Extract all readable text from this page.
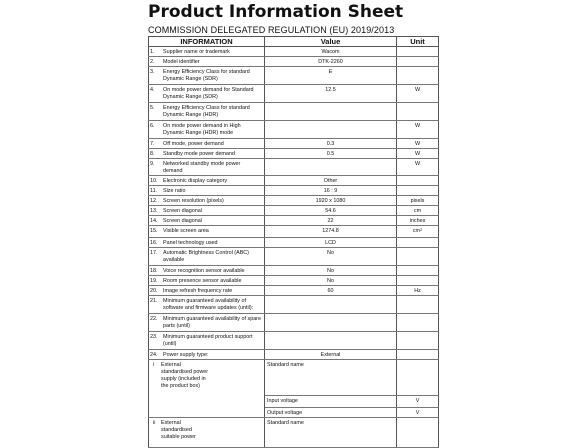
Product Information Sheet
COMMISSION DELEGATED REGULATION (EU) 2019/2013
INFORMATION	Value	Unit
1. Supplier name or trademark	Wacom	
2. Model identifier	DTK-2260	
3. Energy Efficiency Class for standard Dynamic Range (SDR)	E	
4. On mode power demand for Standard Dynamic Range (SDR)	12.5	W
5. Energy Efficiency Class for standard Dynamic Range (HDR)		
6. On mode power demand in High Dynamic Range (HDR) mode		W
7. Off mode, power demand	0.3	W
8. Standby mode power demand	0.5	W
9. Networked standby mode power demand		W
10. Electronic display category	Other	
11. Size ratio	16 : 9	
12. Screen resolution (pixels)	1920 x 1080	pixels
13. Screen diagonal	54.6	cm
14. Screen diagonal	22	inches
15. Visible screen area	1274.8	$cm^2$
16. Panel technology used	LCD	
17. Automatic Brightness Control (ABC) available	No	
18. Voice recognition sensor available	No	
19. Room presence sensor available	No	
20. Image refresh frequency rate	60	Hz
21. Minimum guaranteed availability of software and firmware updates (until):		
22. Minimum guaranteed availability of spare parts (until)		
23. Minimum guaranteed product support (until)		
24. Power supply type:	External	

i External standardised power supply (included in the product box)	Standard name	
	Input voltage	V
	Output voltage	V

ii External standardised suitable power	Standard name	
